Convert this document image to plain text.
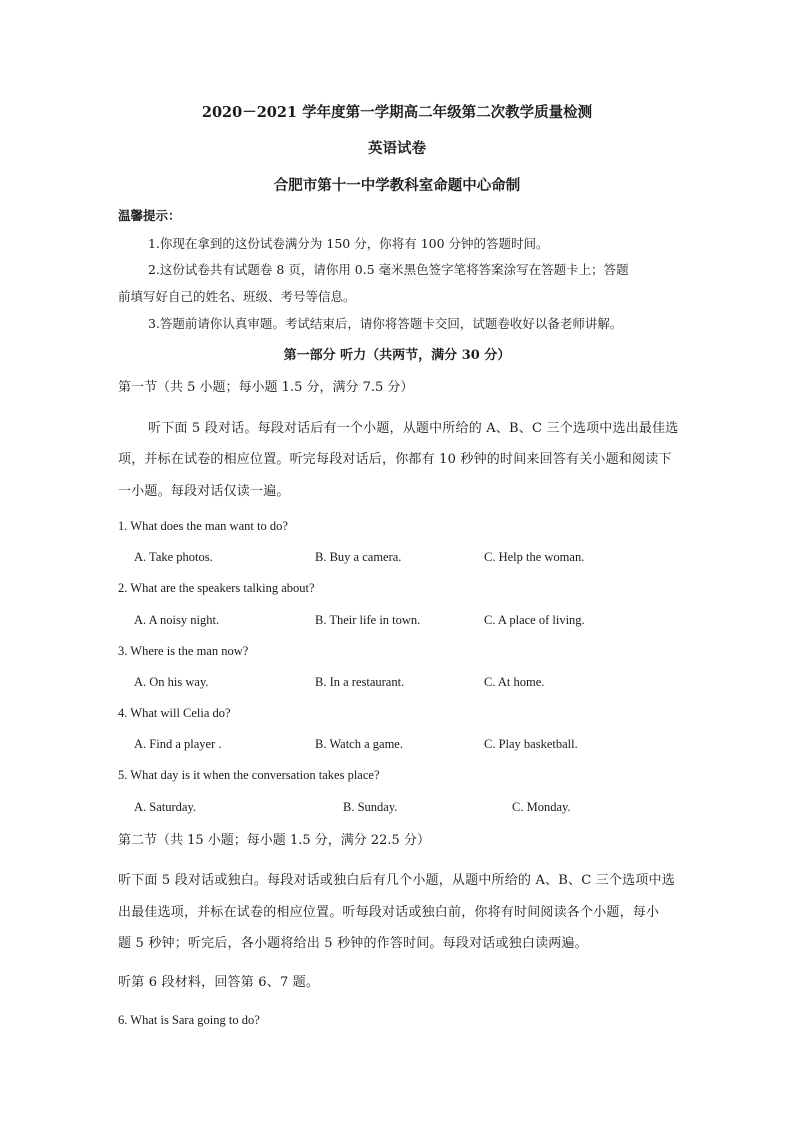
2020－2021 学年度第一学期高二年级第二次教学质量检测
英语试卷
合肥市第十一中学教科室命题中心命制
温馨提示：
1.你现在拿到的这份试卷满分为 150 分，你将有 100 分钟的答题时间。
2.这份试卷共有试题卷 8 页，请你用 0.5 毫米黑色签字笔将答案涂写在答题卡上；答题
前填写好自己的姓名、班级、考号等信息。
3.答题前请你认真审题。考试结束后，请你将答题卡交回，试题卷收好以备老师讲解。
第一部分 听力（共两节，满分 30 分）
第一节（共 5 小题；每小题 1.5 分，满分 7.5 分）
听下面 5 段对话。每段对话后有一个小题，从题中所给的 A、B、C 三个选项中选出最佳选
项，并标在试卷的相应位置。听完每段对话后，你都有 10 秒钟的时间来回答有关小题和阅读下
一小题。每段对话仅读一遍。
1. What does the man want to do?
A. Take photos.	B. Buy a camera.	C. Help the woman.
2. What are the speakers talking about?
A. A noisy night.	B. Their life in town.	C. A place of living.
3. Where is the man now?
A. On his way.	B. In a restaurant.	C. At home.
4. What will Celia do?
A. Find a player .	B. Watch a game.	C. Play basketball.
5. What day is it when the conversation takes place?
A. Saturday.	B. Sunday.	C. Monday.
第二节（共 15 小题；每小题 1.5 分，满分 22.5 分）
听下面 5 段对话或独白。每段对话或独白后有几个小题，从题中所给的 A、B、C 三个选项中选
出最佳选项，并标在试卷的相应位置。听每段对话或独白前，你将有时间阅读各个小题，每小
题 5 秒钟；听完后，各小题将给出 5 秒钟的作答时间。每段对话或独白读两遍。
听第 6 段材料，回答第 6、7 题。
6. What is Sara going to do?
